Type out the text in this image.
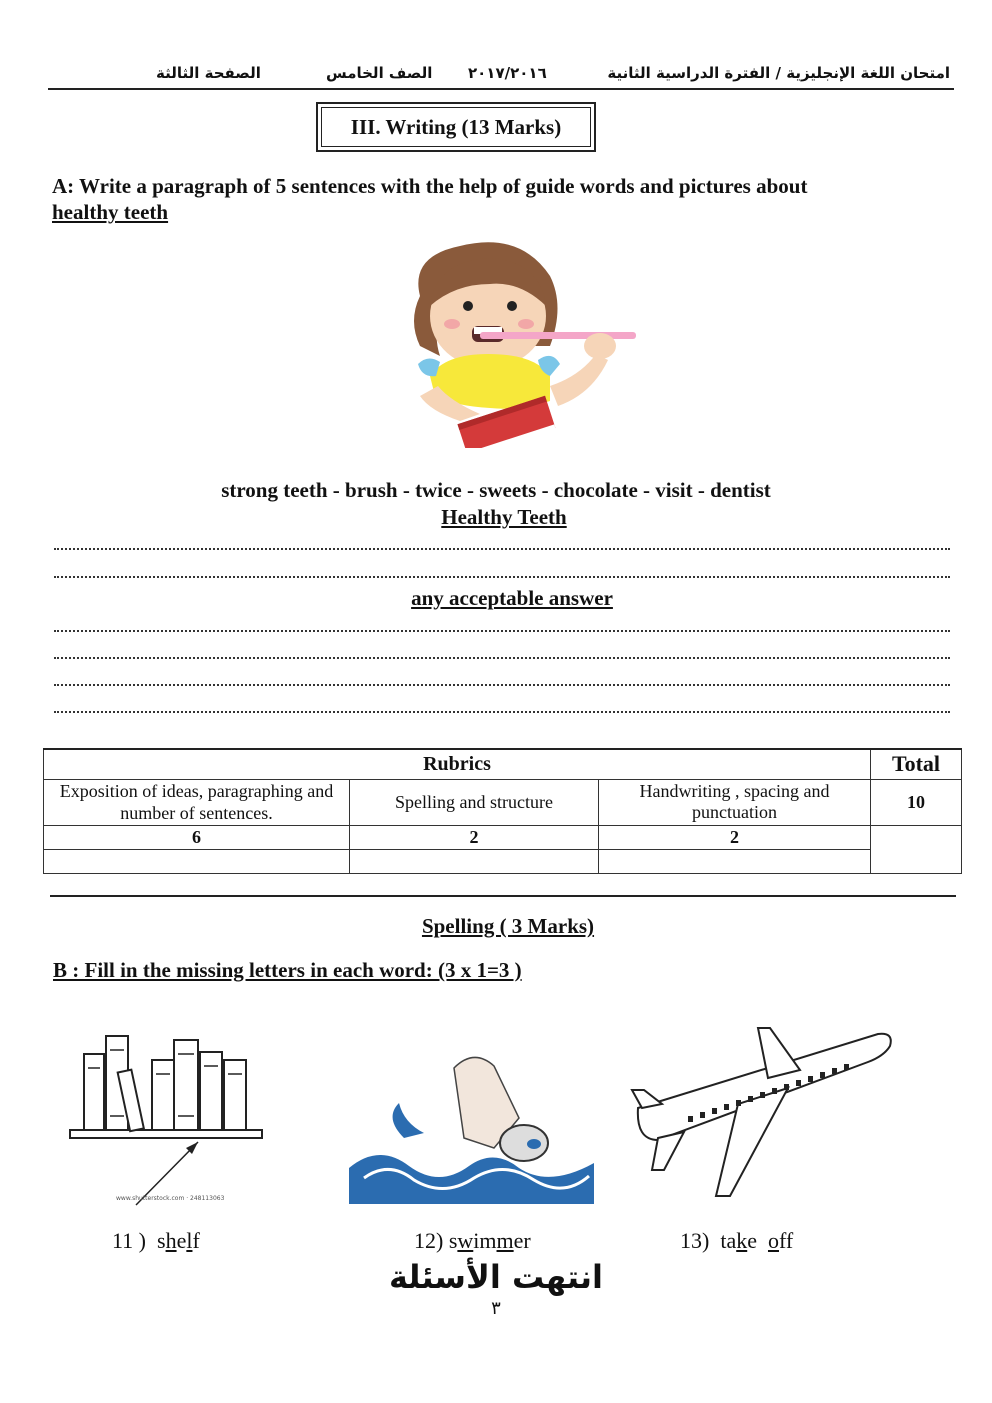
امتحان اللغة الإنجليزية / الفترة الدراسية الثانية
٢٠١٧/٢٠١٦
الصف الخامس
الصفحة الثالثة
III. Writing (13 Marks)
A: Write a paragraph of 5 sentences with the help of guide words and pictures about
healthy teeth
strong teeth - brush - twice - sweets - chocolate - visit - dentist
Healthy Teeth
any acceptable answer
Rubrics			Total
Exposition of ideas, paragraphing and number of sentences.	Spelling and structure	Handwriting , spacing and punctuation	10
6	2	2	

Spelling ( 3 Marks)
B : Fill in the missing letters in each word: (3 x 1=3 )
www.shutterstock.com · 248113063
11 ) shelf	12) swimmer	13) take off
انتهت الأسئلة
٣
